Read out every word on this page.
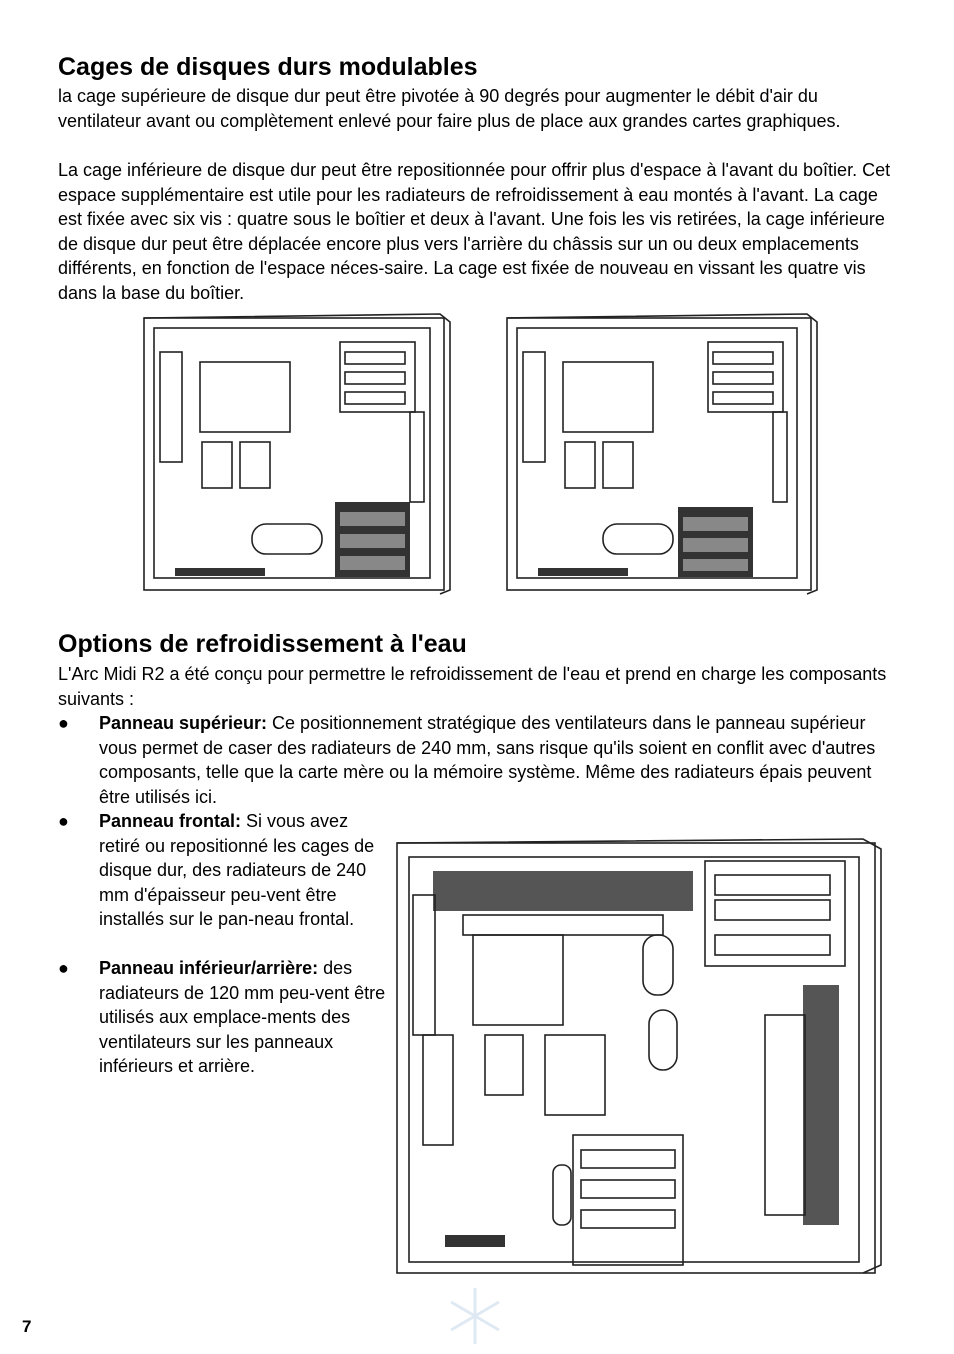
Cages de disques durs modulables

la cage supérieure de disque dur peut être pivotée à 90 degrés pour augmenter le débit d'air du ventilateur avant ou complètement enlevé pour faire plus de place aux grandes cartes graphiques.

La cage inférieure de disque dur peut être repositionnée pour offrir plus d'espace à l'avant du boîtier. Cet espace supplémentaire est utile pour les radiateurs de refroidissement à eau montés à l'avant. La cage est fixée avec six vis : quatre sous le boîtier et deux à l'avant. Une fois les vis retirées, la cage inférieure de disque dur peut être déplacée encore plus vers l'arrière du châssis sur un ou deux emplacements différents, en fonction de l'espace néces-saire. La cage est fixée de nouveau en vissant les quatre vis dans la base du boîtier.

Options de refroidissement à l'eau

L'Arc Midi R2 a été conçu pour permettre le refroidissement de l'eau et prend en charge les composants suivants :

● Panneau supérieur: Ce positionnement stratégique des ventilateurs dans le panneau supérieur vous permet de caser des radiateurs de 240 mm, sans risque qu'ils soient en conflit avec d'autres composants, telle que la carte mère ou la mémoire système. Même des radiateurs épais peuvent être utilisés ici.
● Panneau frontal: Si vous avez retiré ou repositionné les cages de disque dur, des radiateurs de 240 mm d'épaisseur peu-vent être installés sur le pan-neau frontal.
● Panneau inférieur/arrière: des radiateurs de 120 mm peu-vent être utilisés aux emplace-ments des ventilateurs sur les panneaux inférieurs et arrière.
7
